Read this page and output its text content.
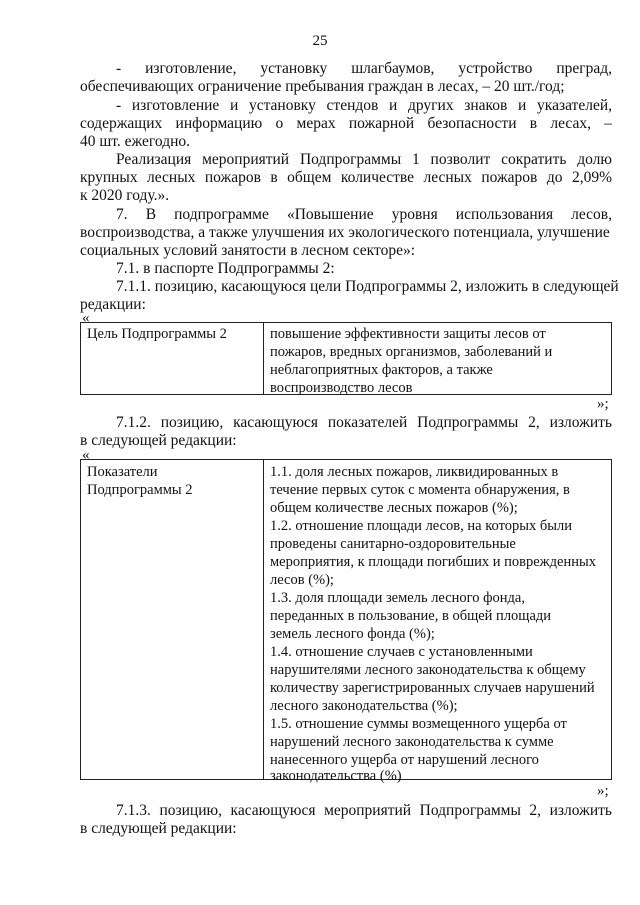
25
- изготовление, установку шлагбаумов, устройство преград,
обеспечивающих ограничение пребывания граждан в лесах, – 20 шт./год;
- изготовление и установку стендов и других знаков и указателей,
содержащих информацию о мерах пожарной безопасности в лесах, –
40 шт. ежегодно.
Реализация мероприятий Подпрограммы 1 позволит сократить долю
крупных лесных пожаров в общем количестве лесных пожаров до 2,09%
к 2020 году.».
7. В подпрограмме «Повышение уровня использования лесов,
воспроизводства, а также улучшения их экологического потенциала, улучшение
социальных условий занятости в лесном секторе»:
7.1. в паспорте Подпрограммы 2:
7.1.1. позицию, касающуюся цели Подпрограммы 2, изложить в следующей
редакции:
«
Цель Подпрограммы 2	повышение эффективности защиты лесов от
пожаров, вредных организмов, заболеваний и
неблагоприятных факторов, а также
воспроизводство лесов
»;
7.1.2. позицию, касающуюся показателей Подпрограммы 2, изложить
в следующей редакции:
«
Показатели
Подпрограммы 2
1.1. доля лесных пожаров, ликвидированных в
течение первых суток с момента обнаружения, в
общем количестве лесных пожаров (%);
1.2. отношение площади лесов, на которых были
проведены санитарно-оздоровительные
мероприятия, к площади погибших и поврежденных
лесов (%);
1.3. доля площади земель лесного фонда,
переданных в пользование, в общей площади
земель лесного фонда (%);
1.4. отношение случаев с установленными
нарушителями лесного законодательства к общему
количеству зарегистрированных случаев нарушений
лесного законодательства (%);
1.5. отношение суммы возмещенного ущерба от
нарушений лесного законодательства к сумме
нанесенного ущерба от нарушений лесного
законодательства (%)
»;
7.1.3. позицию, касающуюся мероприятий Подпрограммы 2, изложить
в следующей редакции:
